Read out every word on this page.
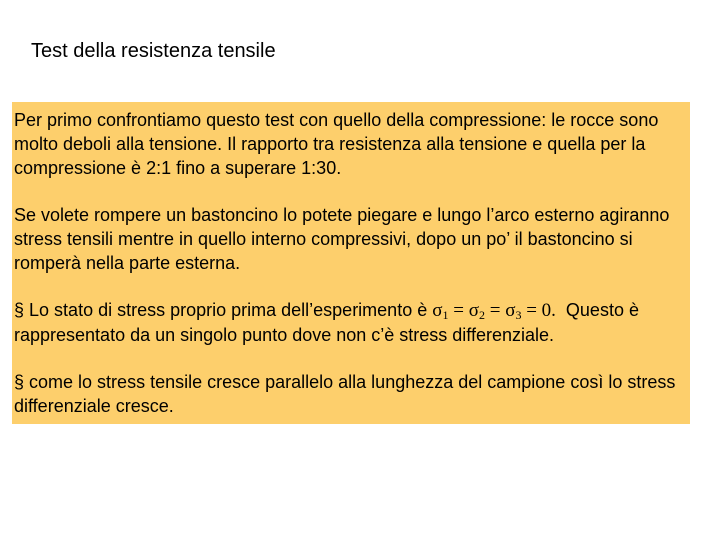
Test della resistenza tensile

Per primo confrontiamo questo test con quello della compressione: le rocce sono molto deboli alla tensione. Il rapporto tra resistenza alla tensione e quella per la compressione è 2:1 fino a superare 1:30.

Se volete rompere un bastoncino lo potete piegare e lungo l’arco esterno agiranno stress tensili mentre in quello interno compressivi, dopo un po’ il bastoncino si romperà nella parte esterna.

§ Lo stato di stress proprio prima dell’esperimento è $\sigma_1 = \sigma_2 = \sigma_3 = 0$. Questo è rappresentato da un singolo punto dove non c’è stress differenziale.

§ come lo stress tensile cresce parallelo alla lunghezza del campione così lo stress differenziale cresce.
